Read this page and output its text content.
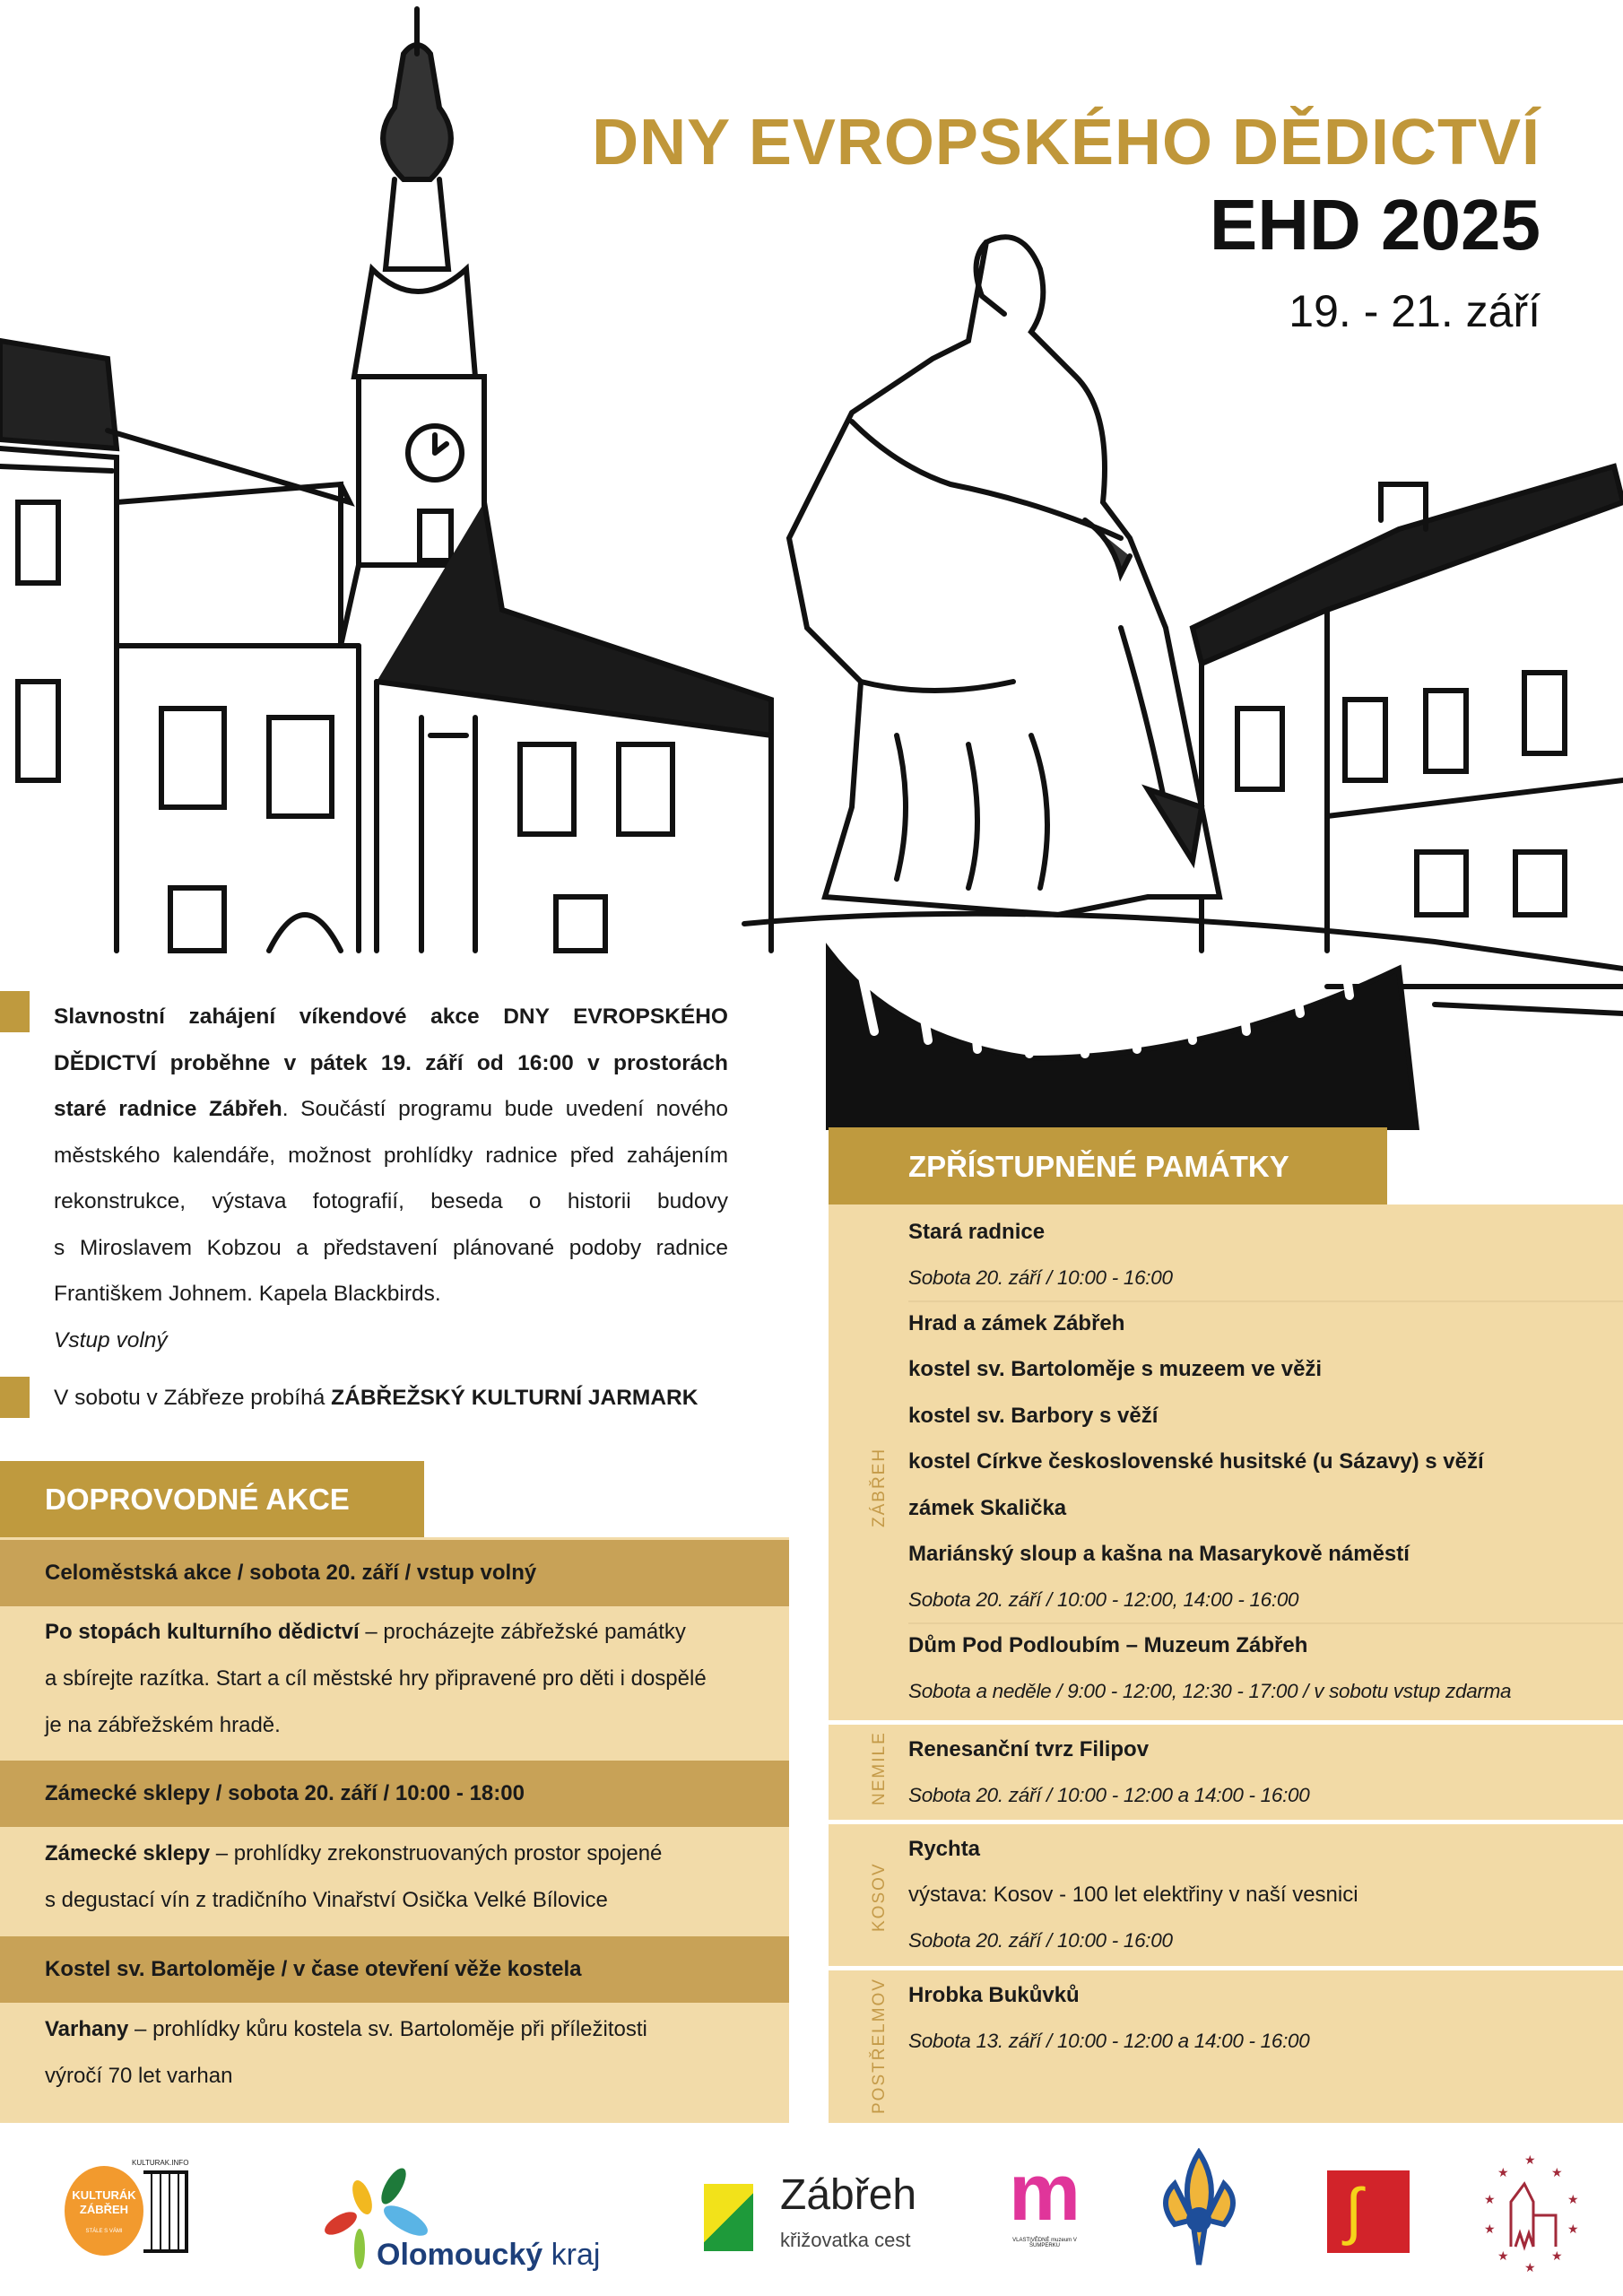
DNY EVROPSKÉHO DĚDICTVÍ
EHD 2025
19. - 21. září
Slavnostní zahájení víkendové akce DNY EVROPSKÉHO
DĚDICTVÍ proběhne v pátek 19. září od 16:00 v prostorách
staré radnice Zábřeh. Součástí programu bude uvedení nového
městského kalendáře, možnost prohlídky radnice před zahájením
rekonstrukce, výstava fotografií, beseda o historii budovy
s Miroslavem Kobzou a představení plánované podoby radnice
Františkem Johnem. Kapela Blackbirds.
Vstup volný
V sobotu v Zábřeze probíhá ZÁBŘEŽSKÝ KULTURNÍ JARMARK
DOPROVODNÉ AKCE
Celoměstská akce / sobota 20. září / vstup volný
Po stopách kulturního dědictví – procházejte zábřežské památky
a sbírejte razítka. Start a cíl městské hry připravené pro děti i dospělé
je na zábřežském hradě.
Zámecké sklepy / sobota 20. září / 10:00 - 18:00
Zámecké sklepy – prohlídky zrekonstruovaných prostor spojené
s degustací vín z tradičního Vinařství Osička Velké Bílovice
Kostel sv. Bartoloměje / v čase otevření věže kostela
Varhany – prohlídky kůru kostela sv. Bartoloměje při příležitosti
výročí 70 let varhan
ZPŘÍSTUPNĚNÉ PAMÁTKY
ZÁBŘEH
Stará radnice
Sobota 20. září / 10:00 - 16:00
Hrad a zámek Zábřeh
kostel sv. Bartoloměje s muzeem ve věži
kostel sv. Barbory s věží
kostel Církve československé husitské (u Sázavy) s věží
zámek Skalička
Mariánský sloup a kašna na Masarykově náměstí
Sobota 20. září / 10:00 - 12:00, 14:00 - 16:00
Dům Pod Podloubím – Muzeum Zábřeh
Sobota a neděle / 9:00 - 12:00, 12:30 - 17:00 / v sobotu vstup zdarma
NEMILE Renesanční tvrz Filipov
Sobota 20. září / 10:00 - 12:00 a 14:00 - 16:00
KOSOV
Rychta
výstava: Kosov - 100 let elektřiny v naší vesnici
Sobota 20. září / 10:00 - 16:00
POSTŘELMOV Hrobka Bukůvků
Sobota 13. září / 10:00 - 12:00 a 14:00 - 16:00
KULTURÁK ZÁBŘEH
STÁLE S VÁMI
KULTURAK.INFO
Olomoucký kraj
Zábřeh
křižovatka cest
m
VLASTIVĚDNÉ muzeum V ŠUMPERKU	∫
★
★	★
★	★
★	★
★	★
★
